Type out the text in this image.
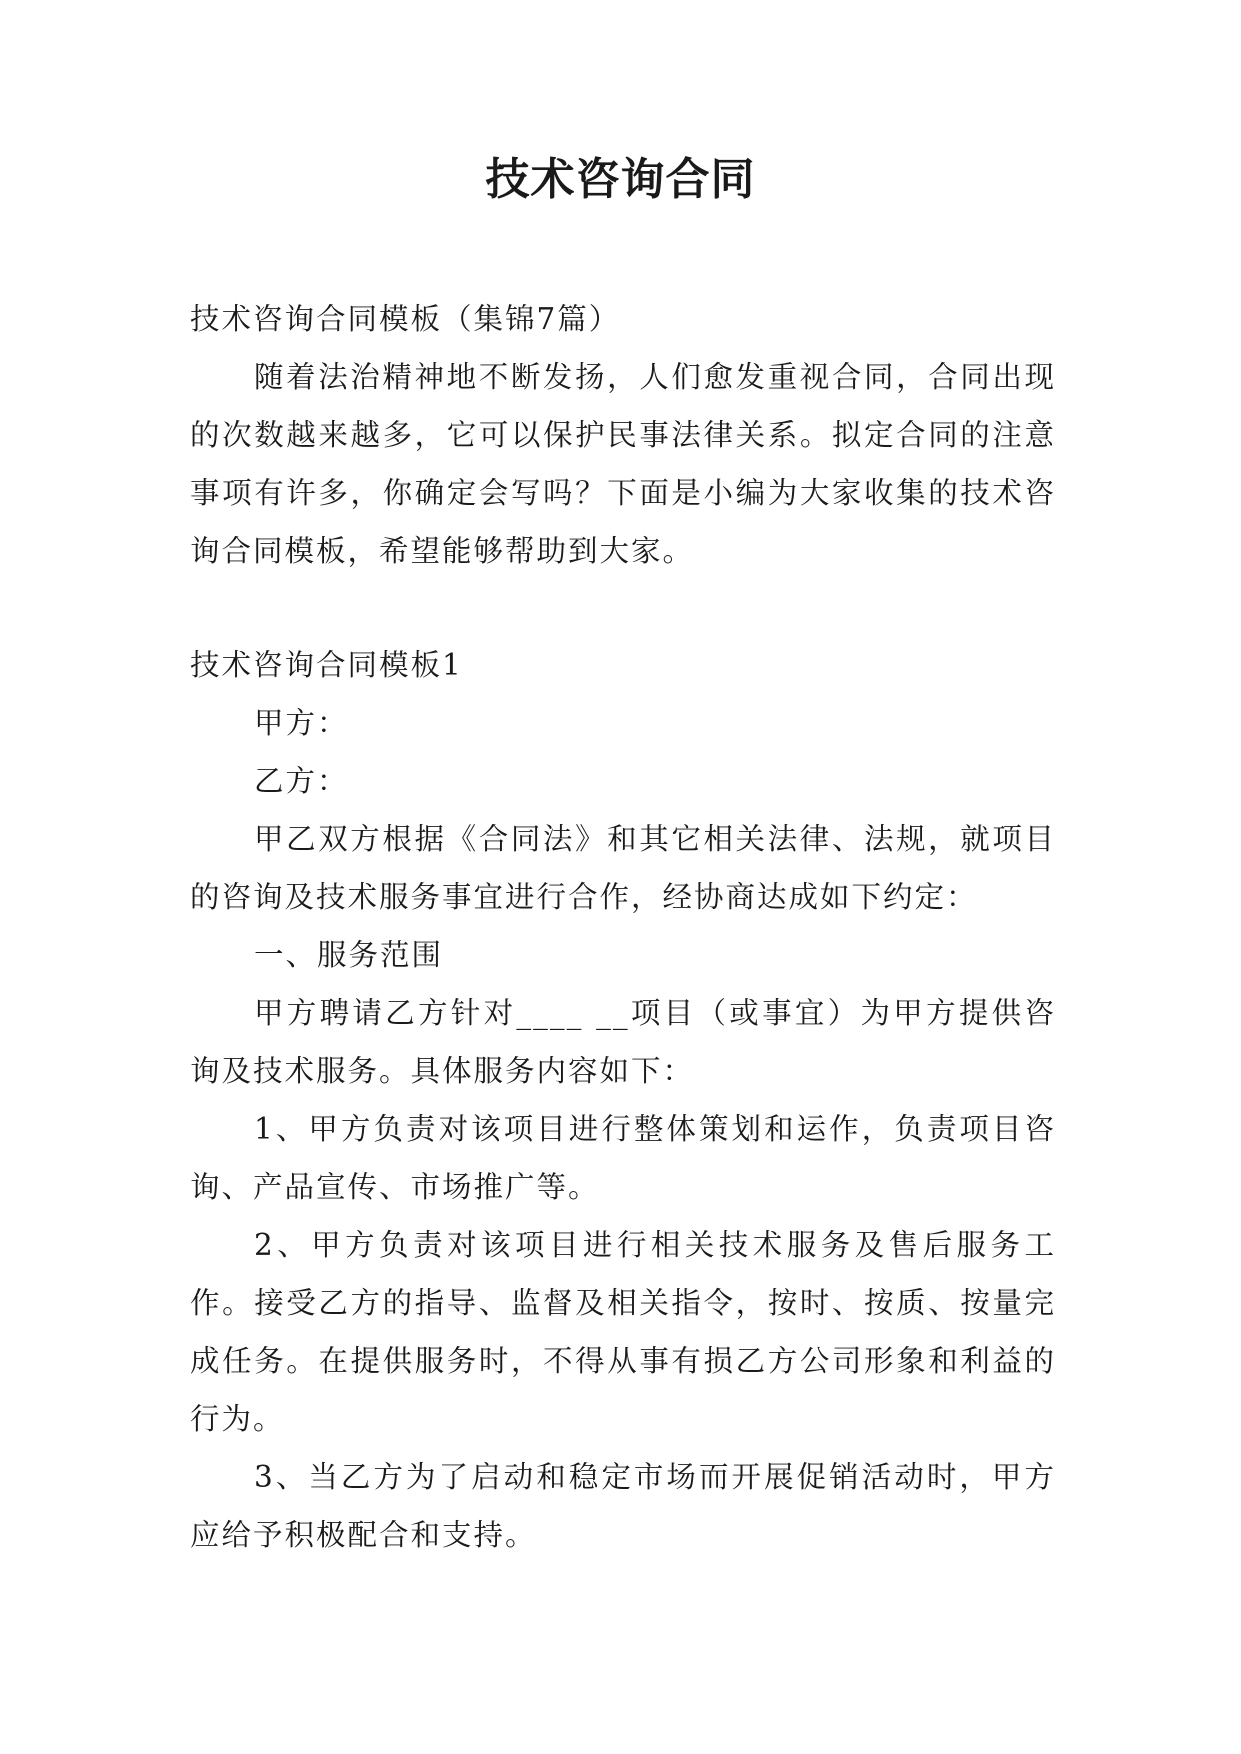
技术咨询合同

技术咨询合同模板（集锦7篇）

随着法治精神地不断发扬，人们愈发重视合同，合同出现的次数越来越多，它可以保护民事法律关系。拟定合同的注意事项有许多，你确定会写吗？下面是小编为大家收集的技术咨询合同模板，希望能够帮助到大家。

技术咨询合同模板1

甲方：

乙方：

甲乙双方根据《合同法》和其它相关法律、法规，就项目的咨询及技术服务事宜进行合作，经协商达成如下约定：

一、服务范围

甲方聘请乙方针对____ __项目（或事宜）为甲方提供咨询及技术服务。具体服务内容如下：

1、甲方负责对该项目进行整体策划和运作，负责项目咨询、产品宣传、市场推广等。

2、甲方负责对该项目进行相关技术服务及售后服务工作。接受乙方的指导、监督及相关指令，按时、按质、按量完成任务。在提供服务时，不得从事有损乙方公司形象和利益的行为。

3、当乙方为了启动和稳定市场而开展促销活动时，甲方应给予积极配合和支持。
